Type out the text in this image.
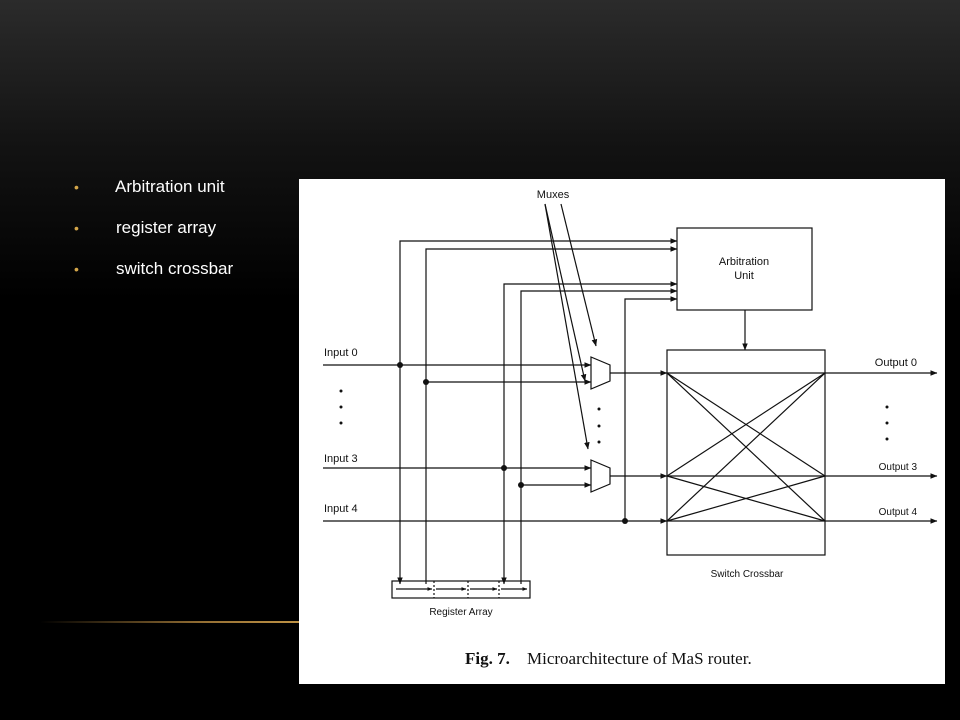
• Arbitration unit
• register array
• switch crossbar
Muxes
Arbitration
Unit
Switch Crossbar
Register Array
Input 0
Input 3
Input 4
Output 0
Output 3
Output 4
Fig. 7. Microarchitecture of MaS router.
